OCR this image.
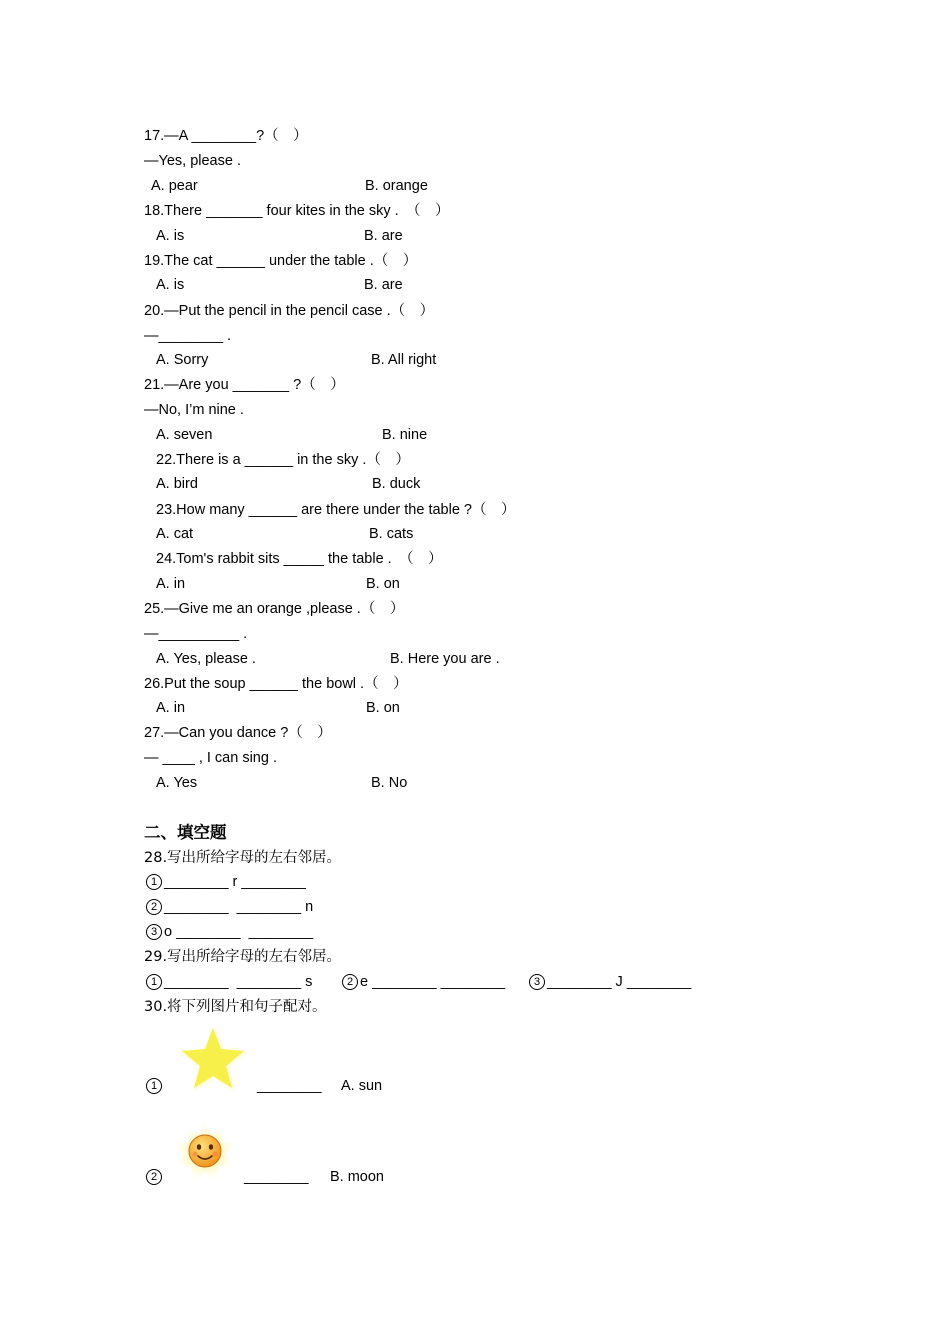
17.—A ________?（　）
—Yes, please .
A. pear	B. orange
18.There _______ four kites in the sky .　（　）
A. is	B. are
19.The cat ______ under the table .（　）
A. is	B. are
20.—Put the pencil in the pencil case .（　）
—________ .
A. Sorry	B. All right
21.—Are you _______ ?（　）
—No, I’m nine .
A. seven	B. nine
22.There is a ______ in the sky .（　）
A. bird	B. duck
23.How many ______ are there under the table ?（　）
A. cat	B. cats
24.Tom's rabbit sits _____ the table .　（　）
A. in	B. on
25.—Give me an orange ,please .（　）
—__________ .
A. Yes, please .	B. Here you are .
26.Put the soup ______ the bowl .（　）
A. in	B. on
27.—Can you dance ?（　）
— ____ , I can sing .
A. Yes	B. No
二、填空题
28.写出所给字母的左右邻居。
1 ________ r ________
2 ________  ________ n
3 o ________  ________
29.写出所给字母的左右邻居。
1 ________  ________ s	2 e ________ ________	3 ________ J ________
30.将下列图片和句子配对。
1	________ A. sun
2	________ B. moon
